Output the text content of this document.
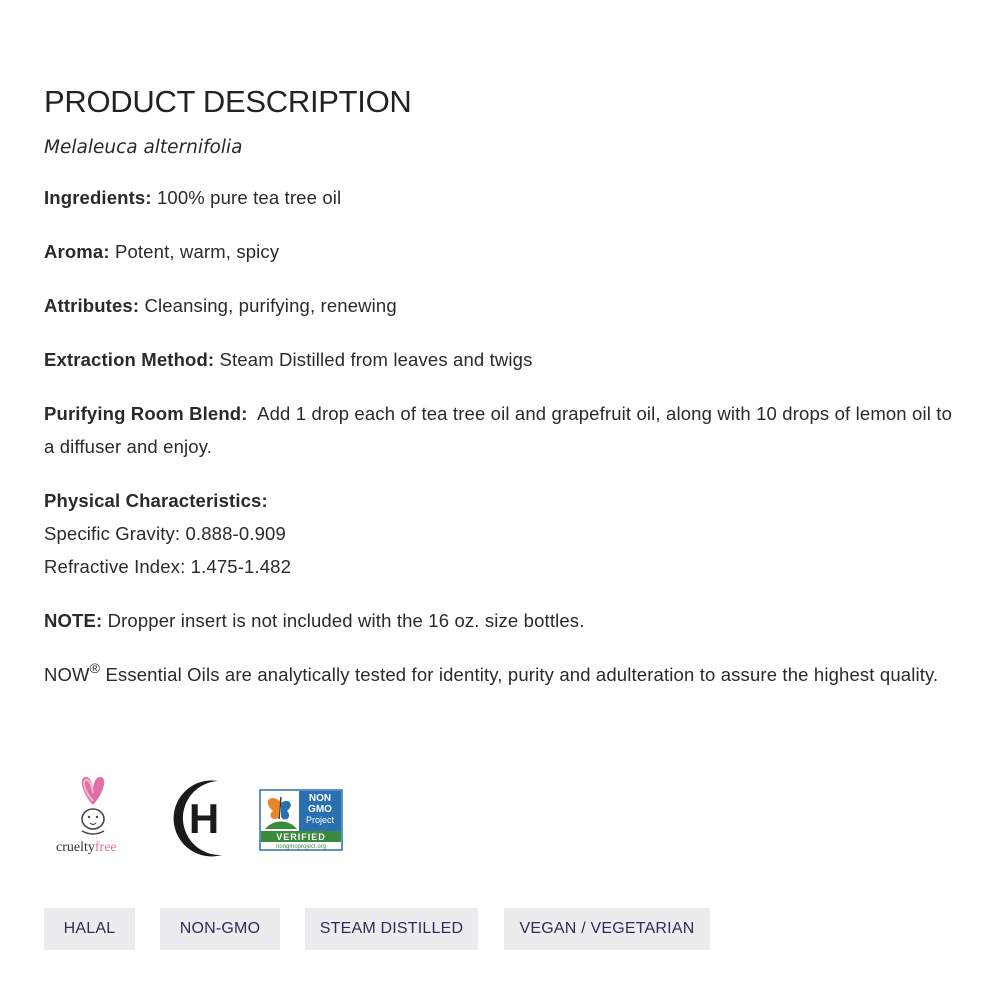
PRODUCT DESCRIPTION
Melaleuca alternifolia
Ingredients: 100% pure tea tree oil
Aroma: Potent, warm, spicy
Attributes: Cleansing, purifying, renewing
Extraction Method: Steam Distilled from leaves and twigs
Purifying Room Blend: Add 1 drop each of tea tree oil and grapefruit oil, along with 10 drops of lemon oil to a diffuser and enjoy.
Physical Characteristics:
Specific Gravity: 0.888-0.909
Refractive Index: 1.475-1.482
NOTE: Dropper insert is not included with the 16 oz. size bottles.
NOW® Essential Oils are analytically tested for identity, purity and adulteration to assure the highest quality.
crueltyfree
H	NON
GMO
Project
VERIFIED
nongmoproject.org
HALAL	NON-GMO	STEAM DISTILLED	VEGAN / VEGETARIAN
